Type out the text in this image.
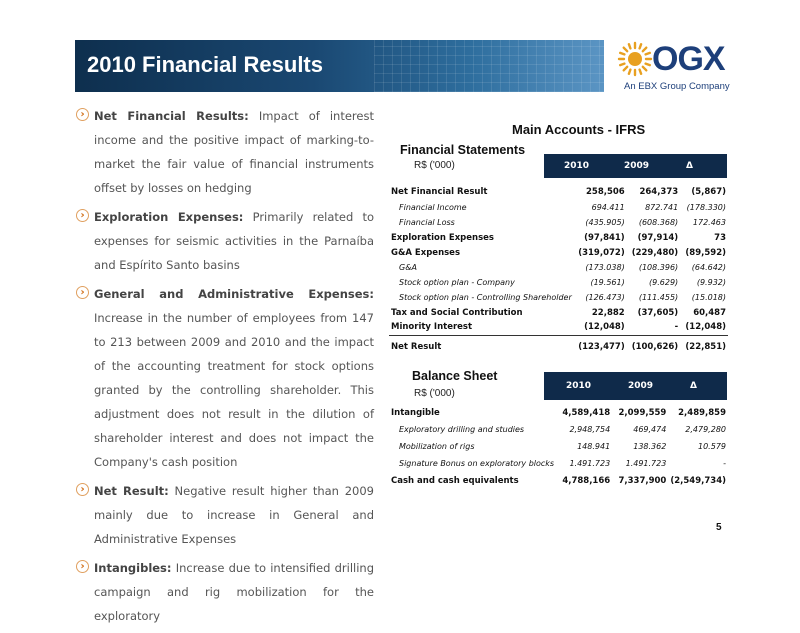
2010 Financial Results	OGX
An EBX Group Company
› Net Financial Results: Impact of interest income and the positive impact of marking-to-market the fair value of financial instruments offset by losses on hedging

› Exploration Expenses: Primarily related to expenses for seismic activities in the Parnaíba and Espírito Santo basins

› General and Administrative Expenses: Increase in the number of employees from 147 to 213 between 2009 and 2010 and the impact of the accounting treatment for stock options granted by the controlling shareholder. This adjustment does not result in the dilution of shareholder interest and does not impact the Company's cash position

› Net Result: Negative result higher than 2009 mainly due to increase in General and Administrative Expenses

› Intangibles: Increase due to intensified drilling campaign and rig mobilization for the exploratory

Main Accounts - IFRS
Financial Statements
R$ ('000)	2010	2009	Δ
Net Financial Result	258,506	264,373	(5,867)
Financial Income	694.411	872.741	(178.330)
Financial Loss	(435.905)	(608.368)	172.463
Exploration Expenses	(97,841)	(97,914)	73
G&A Expenses	(319,072)	(229,480)	(89,592)
G&A	(173.038)	(108.396)	(64.642)
Stock option plan - Company	(19.561)	(9.629)	(9.932)
Stock option plan - Controlling Shareholder	(126.473)	(111.455)	(15.018)
Tax and Social Contribution	22,882	(37,605)	60,487
Minority Interest	(12,048)	-	(12,048)
Net Result	(123,477)	(100,626)	(22,851)
Balance Sheet
R$ ('000)
2010	2009	Δ
Intangible	4,589,418	2,099,559	2,489,859
Exploratory drilling and studies	2,948,754	469,474	2,479,280
Mobilization of rigs	148.941	138.362	10.579
Signature Bonus on exploratory blocks	1.491.723	1.491.723	-
Cash and cash equivalents	4,788,166	7,337,900	(2,549,734)
5
